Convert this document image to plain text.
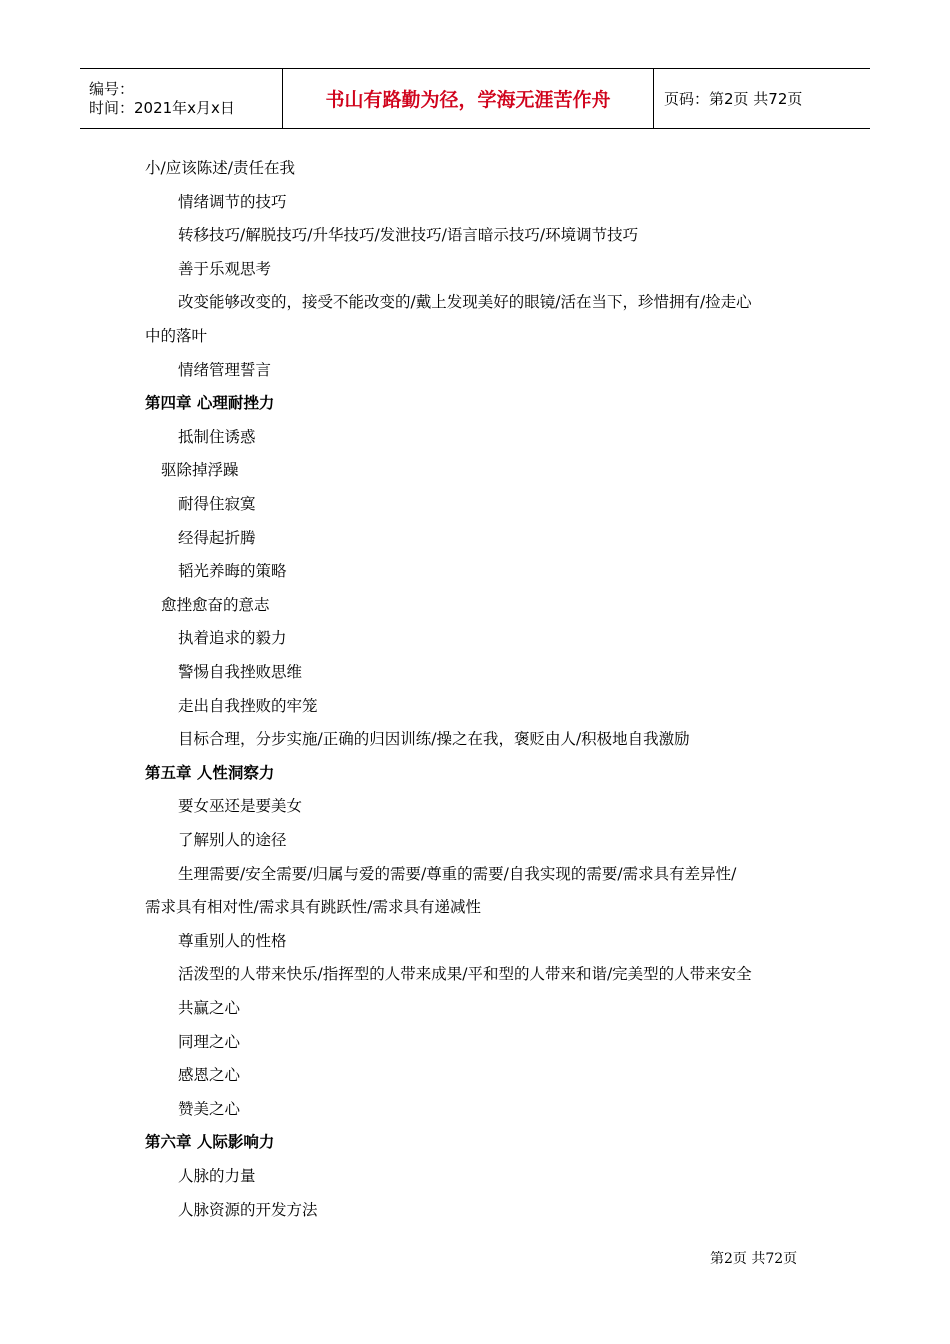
编号：
时间：2021年x月x日	书山有路勤为径，学海无涯苦作舟	页码：第2页 共72页
小/应该陈述/责任在我
情绪调节的技巧
转移技巧/解脱技巧/升华技巧/发泄技巧/语言暗示技巧/环境调节技巧
善于乐观思考
改变能够改变的，接受不能改变的/戴上发现美好的眼镜/活在当下，珍惜拥有/捡走心
中的落叶
情绪管理誓言
第四章 心理耐挫力
抵制住诱惑
驱除掉浮躁
耐得住寂寞
经得起折腾
韬光养晦的策略
愈挫愈奋的意志
执着追求的毅力
警惕自我挫败思维
走出自我挫败的牢笼
目标合理，分步实施/正确的归因训练/操之在我，褒贬由人/积极地自我激励
第五章 人性洞察力
要女巫还是要美女
了解别人的途径
生理需要/安全需要/归属与爱的需要/尊重的需要/自我实现的需要/需求具有差异性/
需求具有相对性/需求具有跳跃性/需求具有递减性
尊重别人的性格
活泼型的人带来快乐/指挥型的人带来成果/平和型的人带来和谐/完美型的人带来安全
共赢之心
同理之心
感恩之心
赞美之心
第六章 人际影响力
人脉的力量
人脉资源的开发方法
第2页 共72页
